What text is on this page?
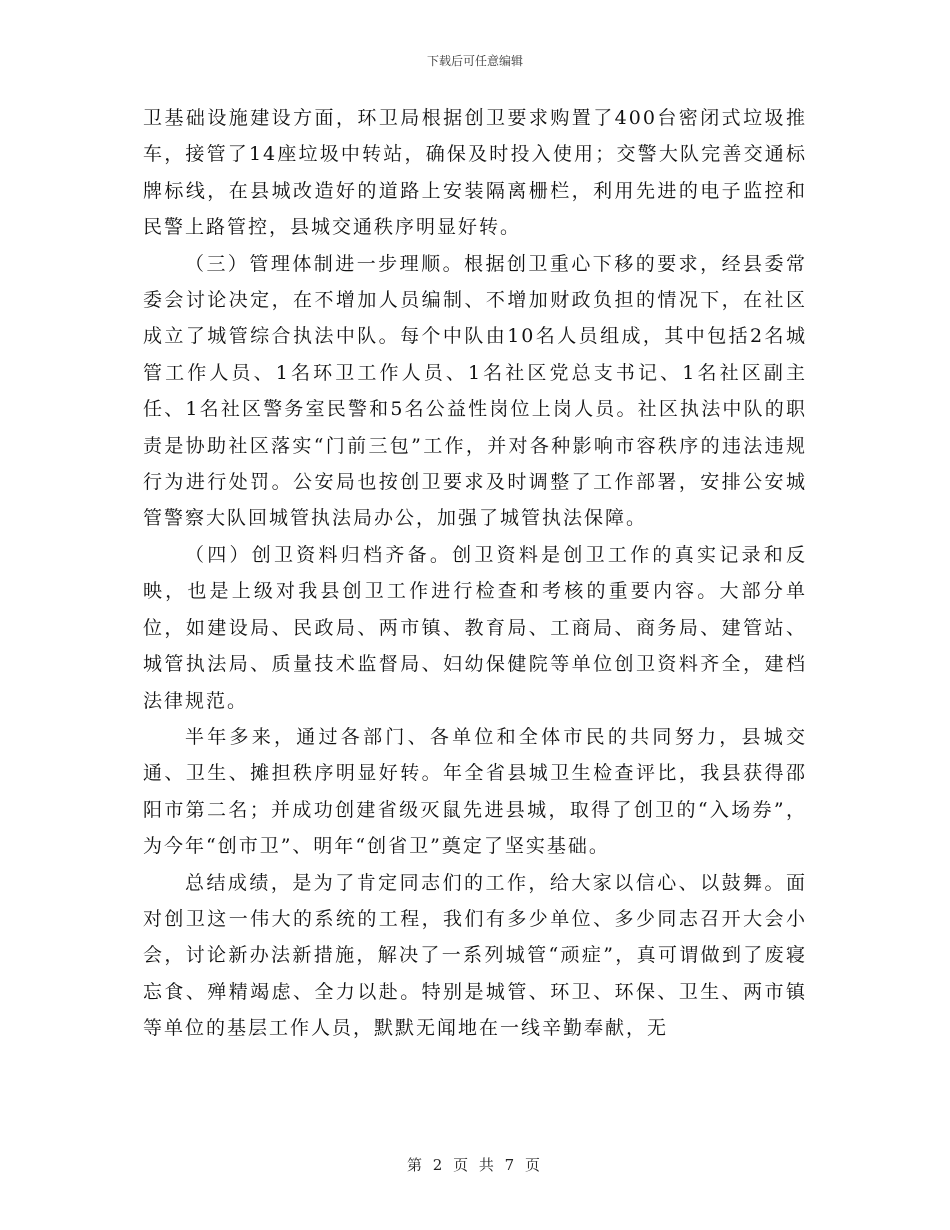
下载后可任意编辑

卫基础设施建设方面，环卫局根据创卫要求购置了400台密闭式垃圾推车，接管了14座垃圾中转站，确保及时投入使用；交警大队完善交通标牌标线，在县城改造好的道路上安装隔离栅栏，利用先进的电子监控和民警上路管控，县城交通秩序明显好转。

（三）管理体制进一步理顺。根据创卫重心下移的要求，经县委常委会讨论决定，在不增加人员编制、不增加财政负担的情况下，在社区成立了城管综合执法中队。每个中队由10名人员组成，其中包括2名城管工作人员、1名环卫工作人员、1名社区党总支书记、1名社区副主任、1名社区警务室民警和5名公益性岗位上岗人员。社区执法中队的职责是协助社区落实“门前三包”工作，并对各种影响市容秩序的违法违规行为进行处罚。公安局也按创卫要求及时调整了工作部署，安排公安城管警察大队回城管执法局办公，加强了城管执法保障。

（四）创卫资料归档齐备。创卫资料是创卫工作的真实记录和反映，也是上级对我县创卫工作进行检查和考核的重要内容。大部分单位，如建设局、民政局、两市镇、教育局、工商局、商务局、建管站、城管执法局、质量技术监督局、妇幼保健院等单位创卫资料齐全，建档法律规范。

半年多来，通过各部门、各单位和全体市民的共同努力，县城交通、卫生、摊担秩序明显好转。年全省县城卫生检查评比，我县获得邵阳市第二名；并成功创建省级灭鼠先进县城，取得了创卫的“入场券”，为今年“创市卫”、明年“创省卫”奠定了坚实基础。

总结成绩，是为了肯定同志们的工作，给大家以信心、以鼓舞。面对创卫这一伟大的系统的工程，我们有多少单位、多少同志召开大会小会，讨论新办法新措施，解决了一系列城管“顽症”，真可谓做到了废寝忘食、殚精竭虑、全力以赴。特别是城管、环卫、环保、卫生、两市镇等单位的基层工作人员，默默无闻地在一线辛勤奉献，无

第 2 页 共 7 页
